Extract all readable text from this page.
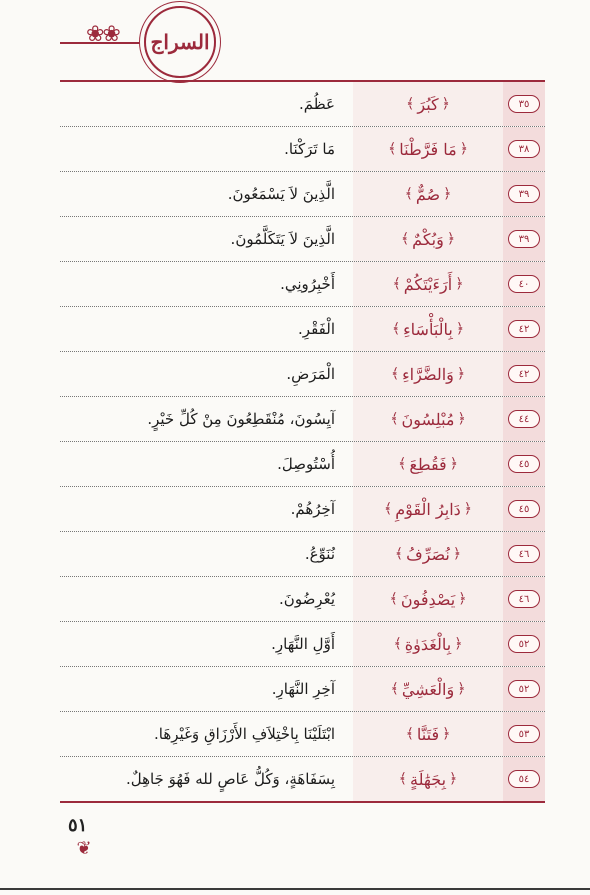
❀❀	السراج
٣٥
﴿
كَبُرَ
﴾
عَظُمَ.
٣٨
﴿
مَا فَرَّطْنَا
﴾
مَا تَرَكْنَا.
٣٩
﴿
صُمٌّ
﴾
الَّذِينَ لاَ يَسْمَعُونَ.
٣٩
﴿
وَبُكْمٌ
﴾
الَّذِينَ لاَ يَتَكَلَّمُونَ.
٤٠
﴿
أَرَءَيْتَكُمْ
﴾
أَخْبِرُونِي.
٤٢
﴿
بِالْبَأْسَاءِ
﴾
الْفَقْرِ.
٤٢
﴿
وَالضَّرَّاءِ
﴾
الْمَرَضِ.
٤٤
﴿
مُبْلِسُونَ
﴾
آيِسُونَ، مُنْقَطِعُونَ مِنْ كُلِّ خَيْرٍ.
٤٥
﴿
فَقُطِعَ
﴾
أُسْتُوصِلَ.
٤٥
﴿
دَابِرُ الْقَوْمِ
﴾
آخِرُهُمْ.
٤٦
﴿
نُصَرِّفُ
﴾
نُنَوِّعُ.
٤٦
﴿
يَصْدِفُونَ
﴾
يُعْرِضُونَ.
٥٢
﴿
بِالْغَدَوٰةِ
﴾
أَوَّلِ النَّهَارِ.
٥٢
﴿
وَالْعَشِيِّ
﴾
آخِرِ النَّهَارِ.
٥٣
﴿
فَتَنَّا
﴾
ابْتَلَيْنَا بِاخْتِلاَفِ الأَرْزَاقِ وَغَيْرِهَا.
٥٤
﴿
بِجَهَٰلَةٍ
﴾
بِسَفَاهَةٍ، وَكُلُّ عَاصٍ لله فَهُوَ جَاهِلٌ.
٥١
❦
